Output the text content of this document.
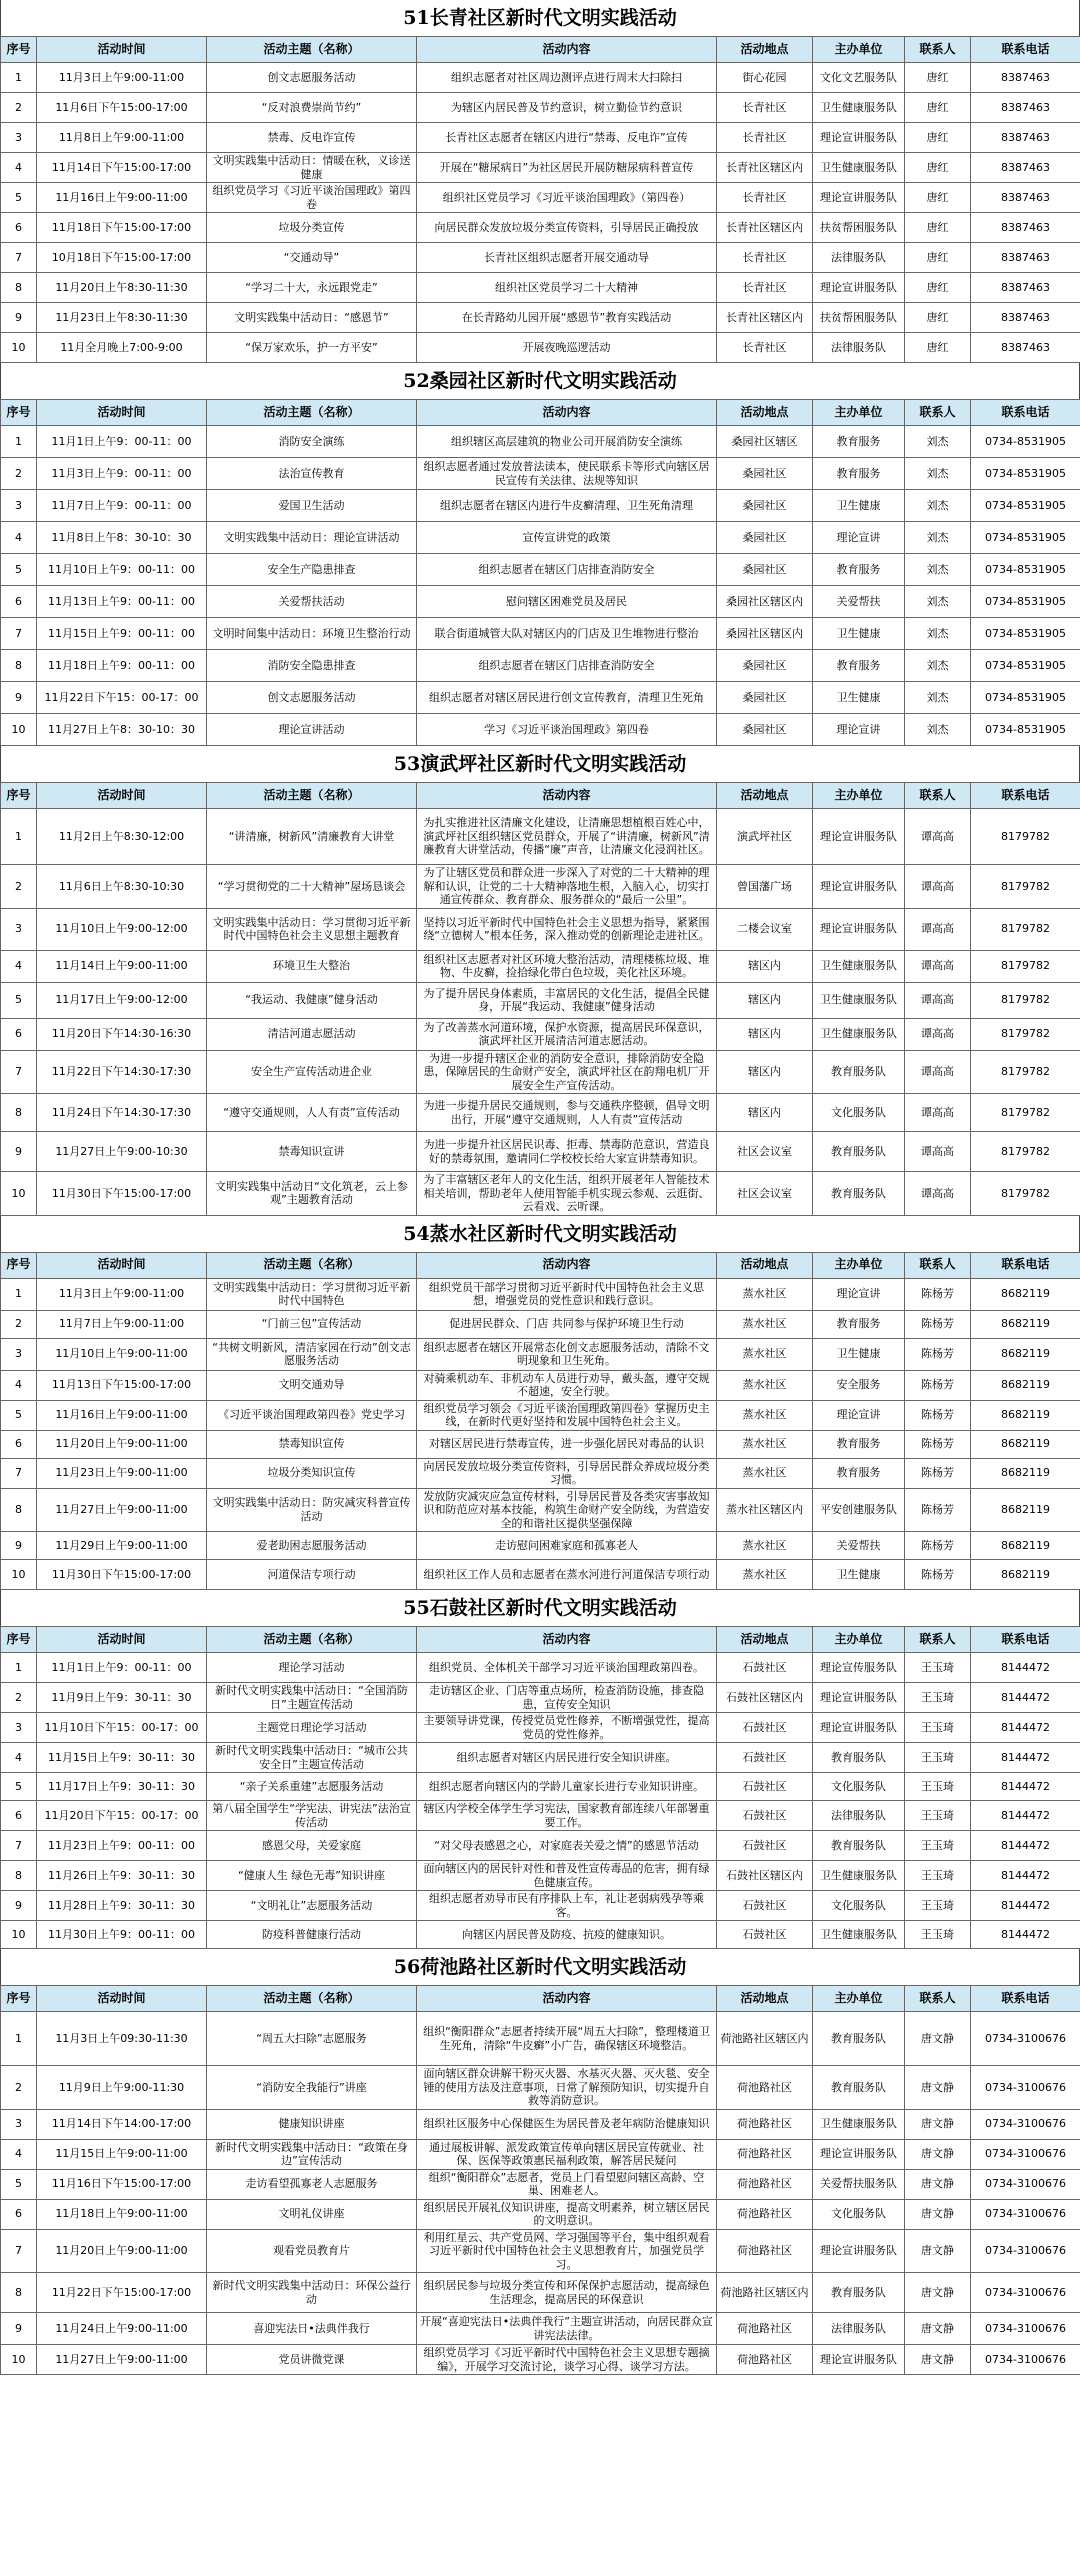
51长青社区新时代文明实践活动
序号	活动时间	活动主题（名称）	活动内容	活动地点	主办单位	联系人	联系电话
1	11月3日上午9:00-11:00	创文志愿服务活动	组织志愿者对社区周边测评点进行周末大扫除扫	街心花园	文化文艺服务队	唐红	8387463
2	11月6日下午15:00-17:00	“反对浪费崇尚节约”	为辖区内居民普及节约意识，树立勤俭节约意识	长青社区	卫生健康服务队	唐红	8387463
3	11月8日上午9:00-11:00	禁毒、反电诈宣传	长青社区志愿者在辖区内进行“禁毒、反电诈”宣传	长青社区	理论宣讲服务队	唐红	8387463
4	11月14日下午15:00-17:00	文明实践集中活动日：情暖在秋，义诊送健康	开展在“糖尿病日”为社区居民开展防糖尿病科普宣传	长青社区辖区内	卫生健康服务队	唐红	8387463
5	11月16日上午9:00-11:00	组织党员学习《习近平谈治国理政》第四卷	组织社区党员学习《习近平谈治国理政》（第四卷）	长青社区	理论宣讲服务队	唐红	8387463
6	11月18日下午15:00-17:00	垃圾分类宣传	向居民群众发放垃圾分类宣传资料，引导居民正确投放	长青社区辖区内	扶贫帮困服务队	唐红	8387463
7	10月18日下午15:00-17:00	“交通动导”	长青社区组织志愿者开展交通动导	长青社区	法律服务队	唐红	8387463
8	11月20日上午8:30-11:30	“学习二十大，永远跟党走”	组织社区党员学习二十大精神	长青社区	理论宣讲服务队	唐红	8387463
9	11月23日上午8:30-11:30	文明实践集中活动日：“感恩节”	在长青路幼儿园开展“感恩节”教育实践活动	长青社区辖区内	扶贫帮困服务队	唐红	8387463
10	11月全月晚上7:00-9:00	“保万家欢乐，护一方平安”	开展夜晚巡逻活动	长青社区	法律服务队	唐红	8387463
52桑园社区新时代文明实践活动
序号	活动时间	活动主题（名称）	活动内容	活动地点	主办单位	联系人	联系电话
1	11月1日上午9：00-11：00	消防安全演练	组织辖区高层建筑的物业公司开展消防安全演练	桑园社区辖区	教育服务	刘杰	0734-8531905
2	11月3日上午9：00-11：00	法治宣传教育	组织志愿者通过发放普法读本，使民联系卡等形式向辖区居民宣传有关法律、法规等知识	桑园社区	教育服务	刘杰	0734-8531905
3	11月7日上午9：00-11：00	爱国卫生活动	组织志愿者在辖区内进行牛皮癣清理、卫生死角清理	桑园社区	卫生健康	刘杰	0734-8531905
4	11月8日上午8：30-10：30	文明实践集中活动日：理论宣讲活动	宣传宣讲党的政策	桑园社区	理论宣讲	刘杰	0734-8531905
5	11月10日上午9：00-11：00	安全生产隐患排查	组织志愿者在辖区门店排查消防安全	桑园社区	教育服务	刘杰	0734-8531905
6	11月13日上午9：00-11：00	关爱帮扶活动	慰问辖区困难党员及居民	桑园社区辖区内	关爱帮扶	刘杰	0734-8531905
7	11月15日上午9：00-11：00	文明时间集中活动日：环境卫生整治行动	联合街道城管大队对辖区内的门店及卫生堆物进行整治	桑园社区辖区内	卫生健康	刘杰	0734-8531905
8	11月18日上午9：00-11：00	消防安全隐患排查	组织志愿者在辖区门店排查消防安全	桑园社区	教育服务	刘杰	0734-8531905
9	11月22日下午15：00-17：00	创文志愿服务活动	组织志愿者对辖区居民进行创文宣传教育，清理卫生死角	桑园社区	卫生健康	刘杰	0734-8531905
10	11月27日上午8：30-10：30	理论宣讲活动	学习《习近平谈治国理政》第四卷	桑园社区	理论宣讲	刘杰	0734-8531905
53演武坪社区新时代文明实践活动
序号	活动时间	活动主题（名称）	活动内容	活动地点	主办单位	联系人	联系电话
1	11月2日上午8:30-12:00	“讲清廉，树新风”清廉教育大讲堂	为扎实推进社区清廉文化建设，让清廉思想植根百姓心中，演武坪社区组织辖区党员群众，开展了“讲清廉，树新风”清廉教育大讲堂活动，传播“廉”声音，让清廉文化浸润社区。	演武坪社区	理论宣讲服务队	谭高高	8179782
2	11月6日上午8:30-10:30	“学习贯彻党的二十大精神”屋场恳谈会	为了让辖区党员和群众进一步深入了对党的二十大精神的理解和认识，让党的二十大精神落地生根，入脑入心，切实打通宣传群众、教育群众、服务群众的“最后一公里”。	曾国藩广场	理论宣讲服务队	谭高高	8179782
3	11月10日上午9:00-12:00	文明实践集中活动日：学习贯彻习近平新时代中国特色社会主义思想主题教育	坚持以习近平新时代中国特色社会主义思想为指导，紧紧围绕“立德树人”根本任务，深入推动党的创新理论走进社区。	二楼会议室	理论宣讲服务队	谭高高	8179782
4	11月14日上午9:00-11:00	环境卫生大整治	组织社区志愿者对社区环境大整治活动，清理楼栋垃圾、堆物、牛皮癣，捡拾绿化带白色垃圾，美化社区环境。	辖区内	卫生健康服务队	谭高高	8179782
5	11月17日上午9:00-12:00	“我运动、我健康”健身活动	为了提升居民身体素质，丰富居民的文化生活，提倡全民健身，开展“我运动、我健康”健身活动	辖区内	卫生健康服务队	谭高高	8179782
6	11月20日下午14:30-16:30	清洁河道志愿活动	为了改善蒸水河道环境，保护水资源，提高居民环保意识，演武坪社区开展清洁河道志愿活动。	辖区内	卫生健康服务队	谭高高	8179782
7	11月22日下午14:30-17:30	安全生产宣传活动进企业	为进一步提升辖区企业的消防安全意识，排除消防安全隐患，保障居民的生命财产安全，演武坪社区在韵翔电机厂开展安全生产宣传活动。	辖区内	教育服务队	谭高高	8179782
8	11月24日下午14:30-17:30	“遵守交通规则，人人有责”宣传活动	为进一步提升居民交通规则，参与交通秩序整顿，倡导文明出行，开展“遵守交通规则，人人有责”宣传活动	辖区内	文化服务队	谭高高	8179782
9	11月27日上午9:00-10:30	禁毒知识宣讲	为进一步提升社区居民识毒、拒毒、禁毒防范意识，营造良好的禁毒氛围，邀请同仁学校校长给大家宣讲禁毒知识。	社区会议室	教育服务队	谭高高	8179782
10	11月30日下午15:00-17:00	文明实践集中活动日“文化筑老，云上参观”主题教育活动	为了丰富辖区老年人的文化生活，组织开展老年人智能技术相关培训，帮助老年人使用智能手机实现云参观、云逛街、云看戏、云听课。	社区会议室	教育服务队	谭高高	8179782
54蒸水社区新时代文明实践活动
序号	活动时间	活动主题（名称）	活动内容	活动地点	主办单位	联系人	联系电话
1	11月3日上午9:00-11:00	文明实践集中活动日：学习贯彻习近平新时代中国特色	组织党员干部学习贯彻习近平新时代中国特色社会主义思想，增强党员的党性意识和践行意识。	蒸水社区	理论宣讲	陈杨芳	8682119
2	11月7日上午9:00-11:00	“门前三包”宣传活动	促进居民群众、门店 共同参与保护环境卫生行动	蒸水社区	教育服务	陈杨芳	8682119
3	11月10日上午9:00-11:00	“共树文明新风，清洁家园在行动”创文志愿服务活动	组织志愿者在辖区开展常态化创文志愿服务活动，清除不文明现象和卫生死角。	蒸水社区	卫生健康	陈杨芳	8682119
4	11月13日下午15:00-17:00	文明交通劝导	对骑乘机动车、非机动车人员进行劝导，戴头盔，遵守交规不超速，安全行驶。	蒸水社区	安全服务	陈杨芳	8682119
5	11月16日上午9:00-11:00	《习近平谈治国理政第四卷》党史学习	组织党员学习领会《习近平谈治国理政第四卷》掌握历史主线，在新时代更好坚持和发展中国特色社会主义。	蒸水社区	理论宣讲	陈杨芳	8682119
6	11月20日上午9:00-11:00	禁毒知识宣传	对辖区居民进行禁毒宣传，进一步强化居民对毒品的认识	蒸水社区	教育服务	陈杨芳	8682119
7	11月23日上午9:00-11:00	垃圾分类知识宣传	向居民发放垃圾分类宣传资料，引导居民群众养成垃圾分类习惯。	蒸水社区	教育服务	陈杨芳	8682119
8	11月27日上午9:00-11:00	文明实践集中活动日：防灾减灾科普宣传活动	发放防灾减灾应急宣传材料，引导居民普及各类灾害事故知识和防范应对基本技能，构筑生命财产安全防线，为营造安全的和谐社区提供坚强保障	蒸水社区辖区内	平安创建服务队	陈杨芳	8682119
9	11月29日上午9:00-11:00	爱老助困志愿服务活动	走访慰问困难家庭和孤寡老人	蒸水社区	关爱帮扶	陈杨芳	8682119
10	11月30日下午15:00-17:00	河道保洁专项行动	组织社区工作人员和志愿者在蒸水河进行河道保洁专项行动	蒸水社区	卫生健康	陈杨芳	8682119
55石鼓社区新时代文明实践活动
序号	活动时间	活动主题（名称）	活动内容	活动地点	主办单位	联系人	联系电话
1	11月1日上午9：00-11：00	理论学习活动	组织党员、全体机关干部学习习近平谈治国理政第四卷。	石鼓社区	理论宣传服务队	王玉琦	8144472
2	11月9日上午9：30-11：30	新时代文明实践集中活动日：“全国消防日”主题宣传活动	走访辖区企业、门店等重点场所，检查消防设施，排查隐患，宣传安全知识	石鼓社区辖区内	理论宣讲服务队	王玉琦	8144472
3	11月10日下午15：00-17：00	主题党日理论学习活动	主要领导讲党课，传授党员党性修养，不断增强党性，提高党员的党性修养。	石鼓社区	理论宣讲服务队	王玉琦	8144472
4	11月15日上午9：30-11：30	新时代文明实践集中活动日：“城市公共安全日”主题宣传活动	组织志愿者对辖区内居民进行安全知识讲座。	石鼓社区	教育服务队	王玉琦	8144472
5	11月17日上午9：30-11：30	“亲子关系重建”志愿服务活动	组织志愿者向辖区内的学龄儿童家长进行专业知识讲座。	石鼓社区	文化服务队	王玉琦	8144472
6	11月20日下午15：00-17：00	第八届全国学生“学宪法、讲宪法”法治宣传活动	辖区内学校全体学生学习宪法，国家教育部连续八年部署重要工作。	石鼓社区	法律服务队	王玉琦	8144472
7	11月23日上午9：00-11：00	感恩父母，关爱家庭	“对父母表感恩之心，对家庭表关爱之情”的感恩节活动	石鼓社区	教育服务队	王玉琦	8144472
8	11月26日上午9：30-11：30	“健康人生 绿色无毒”知识讲座	面向辖区内的居民针对性和普及性宣传毒品的危害，拥有绿色健康宣传。	石鼓社区辖区内	卫生健康服务队	王玉琦	8144472
9	11月28日上午9：30-11：30	“文明礼让”志愿服务活动	组织志愿者劝导市民有序排队上车，礼让老弱病残孕等乘客。	石鼓社区	文化服务队	王玉琦	8144472
10	11月30日上午9：00-11：00	防疫科普健康行活动	向辖区内居民普及防疫、抗疫的健康知识。	石鼓社区	卫生健康服务队	王玉琦	8144472
56荷池路社区新时代文明实践活动
序号	活动时间	活动主题（名称）	活动内容	活动地点	主办单位	联系人	联系电话
1	11月3日上午09:30-11:30	“周五大扫除”志愿服务	组织“衡阳群众”志愿者持续开展“周五大扫除”，整理楼道卫生死角，清除“牛皮癣”小广告，确保辖区环境整洁。	荷池路社区辖区内	教育服务队	唐文静	0734-3100676
2	11月9日上午9:00-11:30	“消防安全我能行”讲座	面向辖区群众讲解干粉灭火器、水基灭火器、灭火毯、安全锤的使用方法及注意事项，日常了解预防知识，切实提升自救等消防意识。	荷池路社区	教育服务队	唐文静	0734-3100676
3	11月14日下午14:00-17:00	健康知识讲座	组织社区服务中心保健医生为居民普及老年病防治健康知识	荷池路社区	卫生健康服务队	唐文静	0734-3100676
4	11月15日上午9:00-11:00	新时代文明实践集中活动日：“政策在身边”宣传活动	通过展板讲解、派发政策宣传单向辖区居民宣传就业、社保、医保等政策惠民福利政策，解答居民疑问	荷池路社区	理论宣讲服务队	唐文静	0734-3100676
5	11月16日下午15:00-17:00	走访看望孤寡老人志愿服务	组织“衡阳群众”志愿者，党员上门看望慰问辖区高龄、空巢、困难老人。	荷池路社区	关爱帮扶服务队	唐文静	0734-3100676
6	11月18日上午9:00-11:00	文明礼仪讲座	组织居民开展礼仪知识讲座，提高文明素养，树立辖区居民的文明意识。	荷池路社区	文化服务队	唐文静	0734-3100676
7	11月20日上午9:00-11:00	观看党员教育片	利用红星云、共产党员网、学习强国等平台，集中组织观看习近平新时代中国特色社会主义思想教育片，加强党员学习。	荷池路社区	理论宣讲服务队	唐文静	0734-3100676
8	11月22日下午15:00-17:00	新时代文明实践集中活动日：环保公益行动	组织居民参与垃圾分类宣传和环保保护志愿活动，提高绿色生活理念，提高居民的环保意识	荷池路社区辖区内	教育服务队	唐文静	0734-3100676
9	11月24日上午9:00-11:00	喜迎宪法日•法典伴我行	开展“喜迎宪法日•法典伴我行”主题宣讲活动，向居民群众宣讲宪法法律。	荷池路社区	法律服务队	唐文静	0734-3100676
10	11月27日上午9:00-11:00	党员讲微党课	组织党员学习《习近平新时代中国特色社会主义思想专题摘编》，开展学习交流讨论，谈学习心得、谈学习方法。	荷池路社区	理论宣讲服务队	唐文静	0734-3100676
